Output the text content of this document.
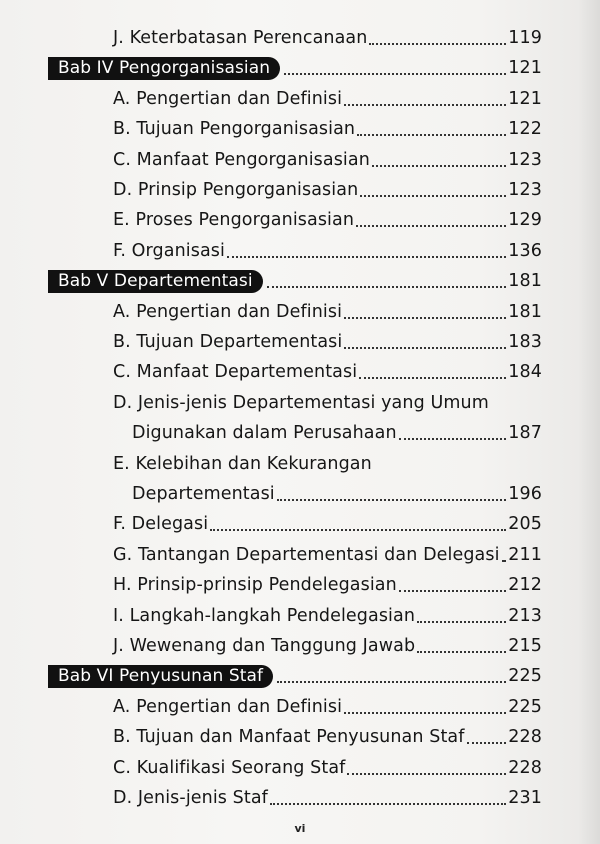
J. Keterbatasan Perencanaan	119
Bab IV Pengorganisasian	121
A. Pengertian dan Definisi	121
B. Tujuan Pengorganisasian	122
C. Manfaat Pengorganisasian	123
D. Prinsip Pengorganisasian	123
E. Proses Pengorganisasian	129
F. Organisasi	136
Bab V Departementasi	181
A. Pengertian dan Definisi	181
B. Tujuan Departementasi	183
C. Manfaat Departementasi	184
D. Jenis-jenis Departementasi yang Umum
Digunakan dalam Perusahaan	187
E. Kelebihan dan Kekurangan
Departementasi	196
F. Delegasi	205
G. Tantangan Departementasi dan Delegasi 211
H. Prinsip-prinsip Pendelegasian	212
I. Langkah-langkah Pendelegasian	213
J. Wewenang dan Tanggung Jawab	215
Bab VI Penyusunan Staf	225
A. Pengertian dan Definisi	225
B. Tujuan dan Manfaat Penyusunan Staf	228
C. Kualifikasi Seorang Staf	228
D. Jenis-jenis Staf	231
vi
